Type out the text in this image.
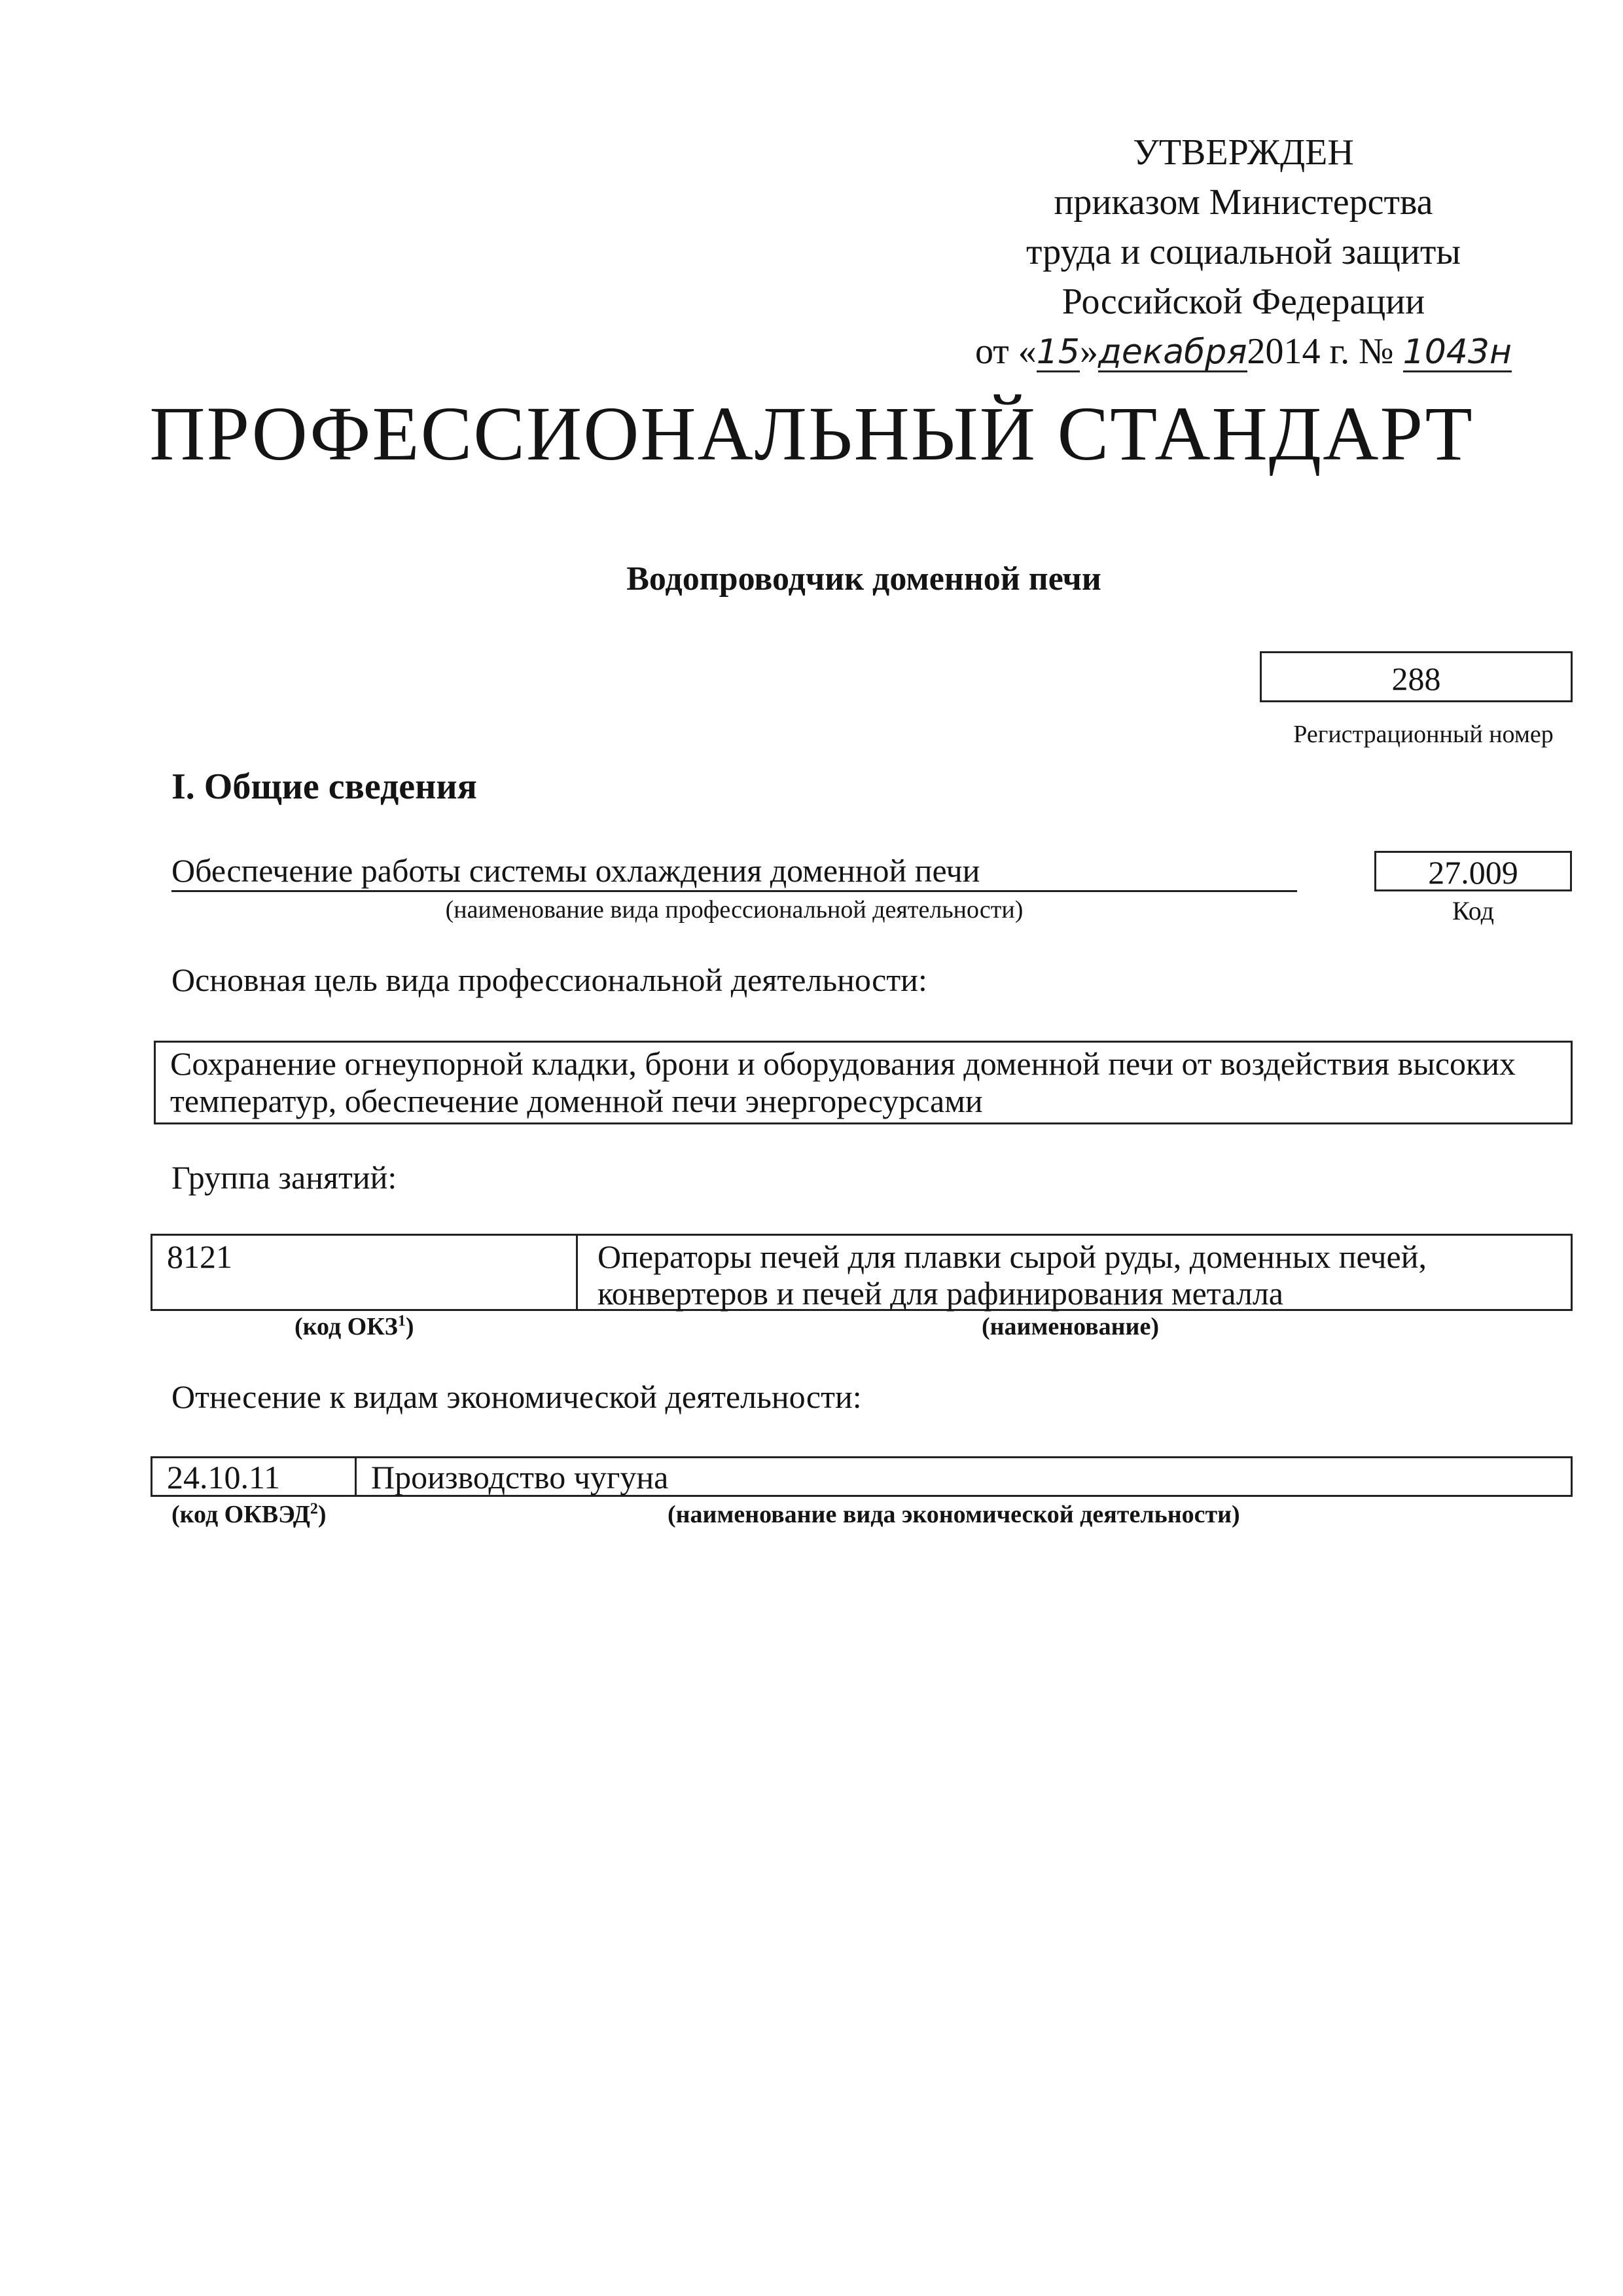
УТВЕРЖДЕН
приказом Министерства
труда и социальной защиты
Российской Федерации
от «15»декабря2014 г. № 1043н
ПРОФЕССИОНАЛЬНЫЙ СТАНДАРТ
Водопроводчик доменной печи
288
Регистрационный номер
I. Общие сведения
Обеспечение работы системы охлаждения доменной печи
(наименование вида профессиональной деятельности)
27.009
Код
Основная цель вида профессиональной деятельности:
Сохранение огнеупорной кладки, брони и оборудования доменной печи от воздействия высоких температур, обеспечение доменной печи энергоресурсами
Группа занятий:
8121	Операторы печей для плавки сырой руды, доменных печей, конвертеров и печей для рафинирования металла
(код ОКЗ$^1$)	(наименование)
Отнесение к видам экономической деятельности:
24.10.11	Производство чугуна
(код ОКВЭД$^2$)	(наименование вида экономической деятельности)
